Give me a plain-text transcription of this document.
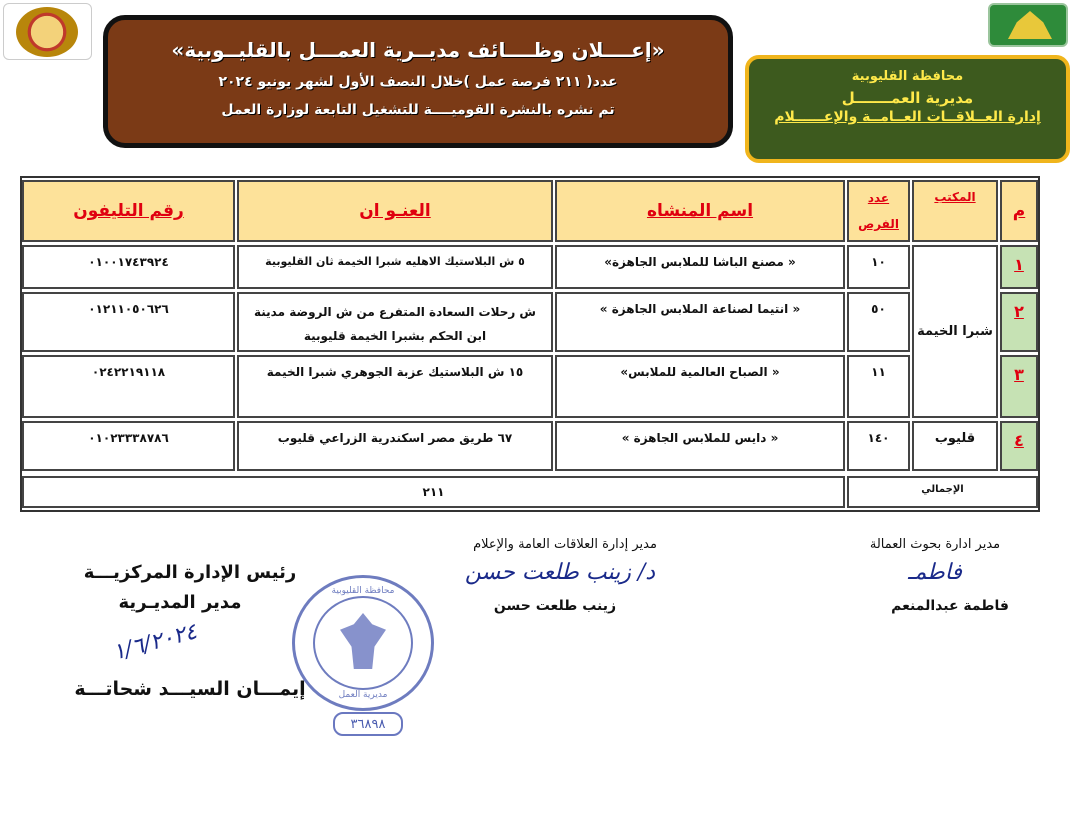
«إعــــلان وظــــائف مديــرية العمـــل بالقليــوبية»
عدد( ٢١١ فرصة عمل )خلال النصف الأول لشهر يونيو ٢٠٢٤
تم نشره بالنشرة القوميــــة للتشغيل التابعة لوزارة العمل
محافظة القليوبية
مديرية العمـــــــل
إدارة العــلاقــات العــامــة والإعــــــلام
م
المكتب
عدد الفرص
اسم المنشاه
العنـو ان
رقم التليفون
١
شبرا الخيمة
١٠
« مصنع الباشا للملابس الجاهزة»
٥ ش البلاستيك الاهليه شبرا الخيمة ثان القليوبية
٠١٠٠١٧٤٣٩٢٤
٢
٥٠
« انتيما لصناعة الملابس الجاهزة »
ش رحلات السعادة المتفرع من ش الروضة مدينة ابن الحكم بشبرا الخيمة قليوبية
٠١٢١١٠٥٠٦٢٦
٣
١١
« الصباح العالمية للملابس»
١٥ ش البلاستيك عزبة الجوهري شبرا الخيمة
٠٢٤٢٢١٩١١٨
٤
قليوب
١٤٠
« دايس للملابس الجاهزة »
٦٧ طريق مصر اسكندرية الزراعي قليوب
٠١٠٢٣٣٣٨٧٨٦
الإجمالي
٢١١
مدير ادارة بحوث العمالة
فاطمـ
فاطمة عبدالمنعم
مدير إدارة العلاقات العامة والإعلام
د/ زينب طلعت حسن
زينب طلعت حسن
رئيس الإدارة المركزيـــة
مدير المديـرية
١/٦/٢٠٢٤
إيمـــان السيـــد شحاتـــة
محافظة القليوبية
مديرية العمل
٣٦٨٩٨
